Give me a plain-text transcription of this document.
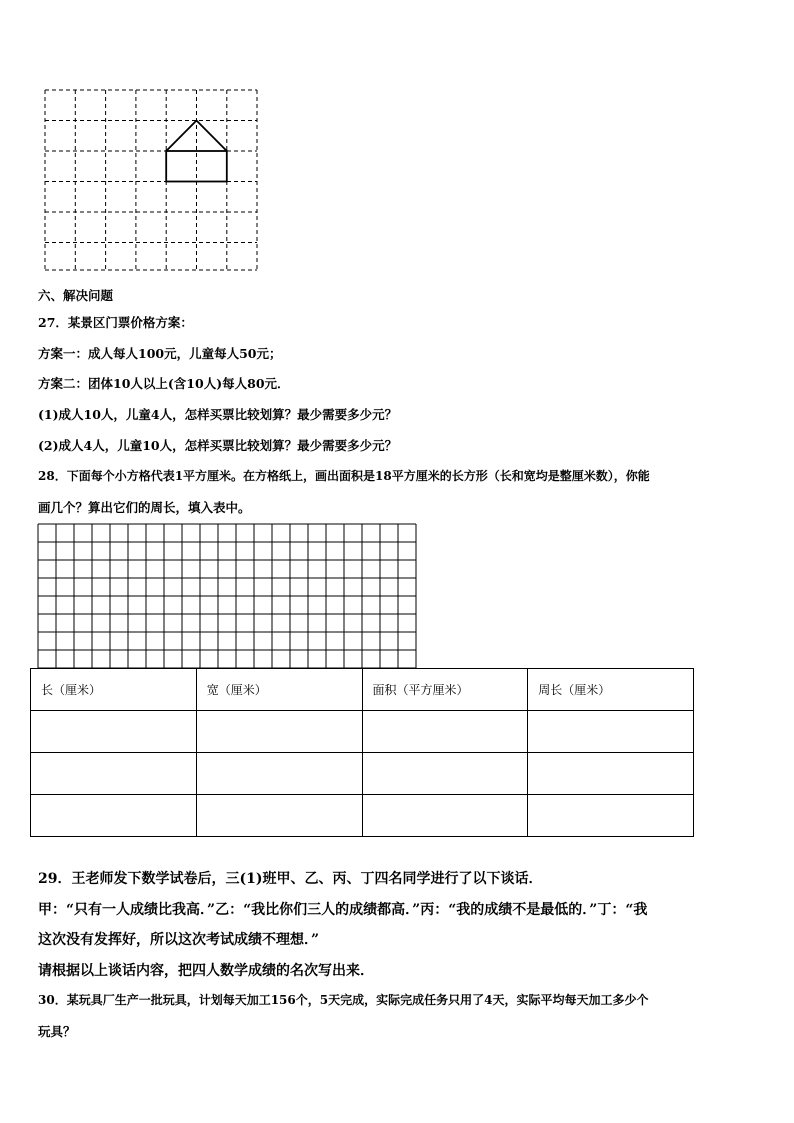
六、解决问题
27．某景区门票价格方案：
方案一：成人每人100元，儿童每人50元；
方案二：团体10人以上(含10人)每人80元．
(1)成人10人，儿童4人，怎样买票比较划算？最少需要多少元？
(2)成人4人，儿童10人，怎样买票比较划算？最少需要多少元？
28．下面每个小方格代表1平方厘米。在方格纸上，画出面积是18平方厘米的长方形（长和宽均是整厘米数），你能
画几个？算出它们的周长，填入表中。
长（厘米）	宽（厘米）	面积（平方厘米）	周长（厘米）

29．王老师发下数学试卷后，三(1)班甲、乙、丙、丁四名同学进行了以下谈话．
甲：“只有一人成绩比我高．”乙：“我比你们三人的成绩都高．”丙：“我的成绩不是最低的．”丁：“我
这次没有发挥好，所以这次考试成绩不理想．”
请根据以上谈话内容，把四人数学成绩的名次写出来．
30．某玩具厂生产一批玩具，计划每天加工156个，5天完成，实际完成任务只用了4天，实际平均每天加工多少个
玩具？
